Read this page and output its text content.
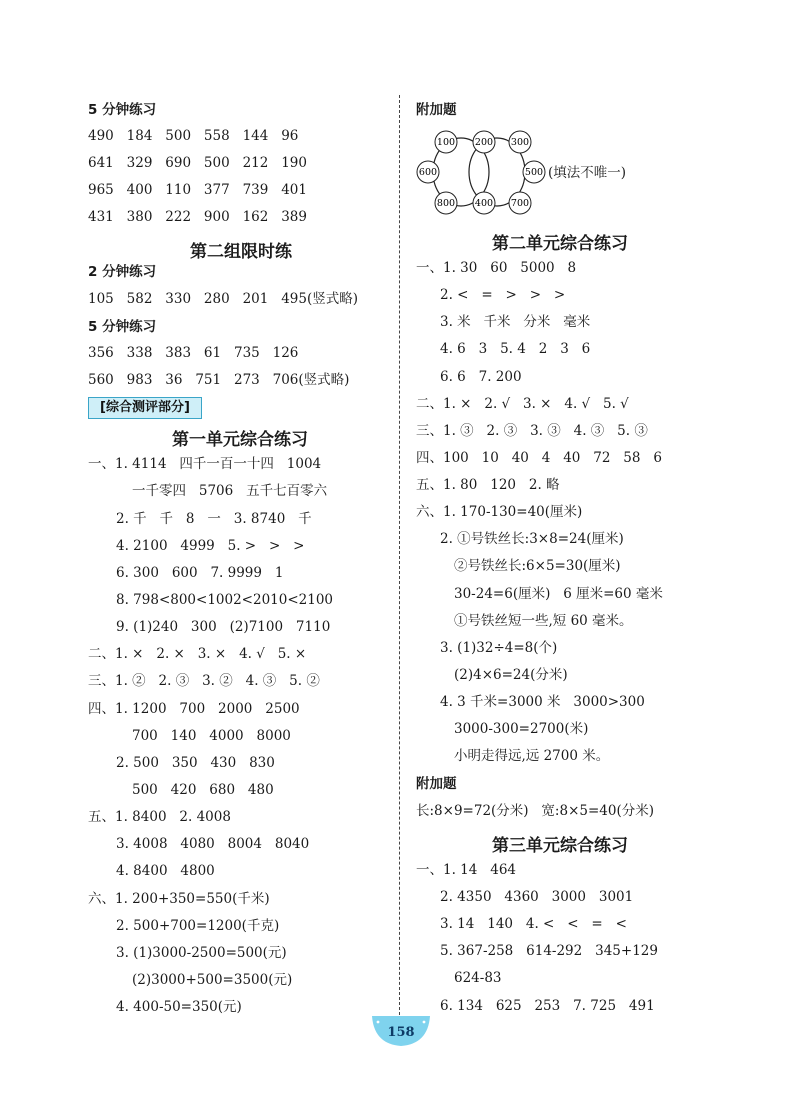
5 分钟练习
490   184   500   558   144   96
641   329   690   500   212   190
965   400   110   377   739   401
431   380   222   900   162   389
第二组限时练
2 分钟练习
105   582   330   280   201   495(竖式略)
5 分钟练习
356   338   383   61   735   126
560   983   36   751   273   706(竖式略)
[综合测评部分]
第一单元综合练习
一、1. 4114   四千一百一十四   1004
一千零四   5706   五千七百零六
2. 千   千   8   一   3. 8740   千
4. 2100   4999   5. >   >   >
6. 300   600   7. 9999   1
8. 798<800<1002<2010<2100
9. (1)240   300   (2)7100   7110
二、1. ×   2. ×   3. ×   4. √   5. ×
三、1. ②   2. ③   3. ②   4. ③   5. ②
四、1. 1200   700   2000   2500
700   140   4000   8000
2. 500   350   430   830
500   420   680   480
五、1. 8400   2. 4008
3. 4008   4080   8004   8040
4. 8400   4800
六、1. 200+350=550(千米)
2. 500+700=1200(千克)
3. (1)3000-2500=500(元)
(2)3000+500=3500(元)
4. 400-50=350(元)
附加题
100 200 300
600	500
800 400 700
(填法不唯一)
第二单元综合练习
一、1. 30   60   5000   8
2. <   =   >   >   >
3. 米   千米   分米   毫米
4. 6   3   5. 4   2   3   6
6. 6   7. 200
二、1. ×   2. √   3. ×   4. √   5. √
三、1. ③   2. ③   3. ③   4. ③   5. ③
四、100   10   40   4   40   72   58   6
五、1. 80   120   2. 略
六、1. 170-130=40(厘米)
2. ①号铁丝长:3×8=24(厘米)
②号铁丝长:6×5=30(厘米)
30-24=6(厘米)   6 厘米=60 毫米
①号铁丝短一些,短 60 毫米。
3. (1)32÷4=8(个)
(2)4×6=24(分米)
4. 3 千米=3000 米   3000>300
3000-300=2700(米)
小明走得远,远 2700 米。
附加题
长:8×9=72(分米)   宽:8×5=40(分米)
第三单元综合练习
一、1. 14   464
2. 4350   4360   3000   3001
3. 14   140   4. <   <   =   <
5. 367-258   614-292   345+129
624-83
6. 134   625   253   7. 725   491
158
